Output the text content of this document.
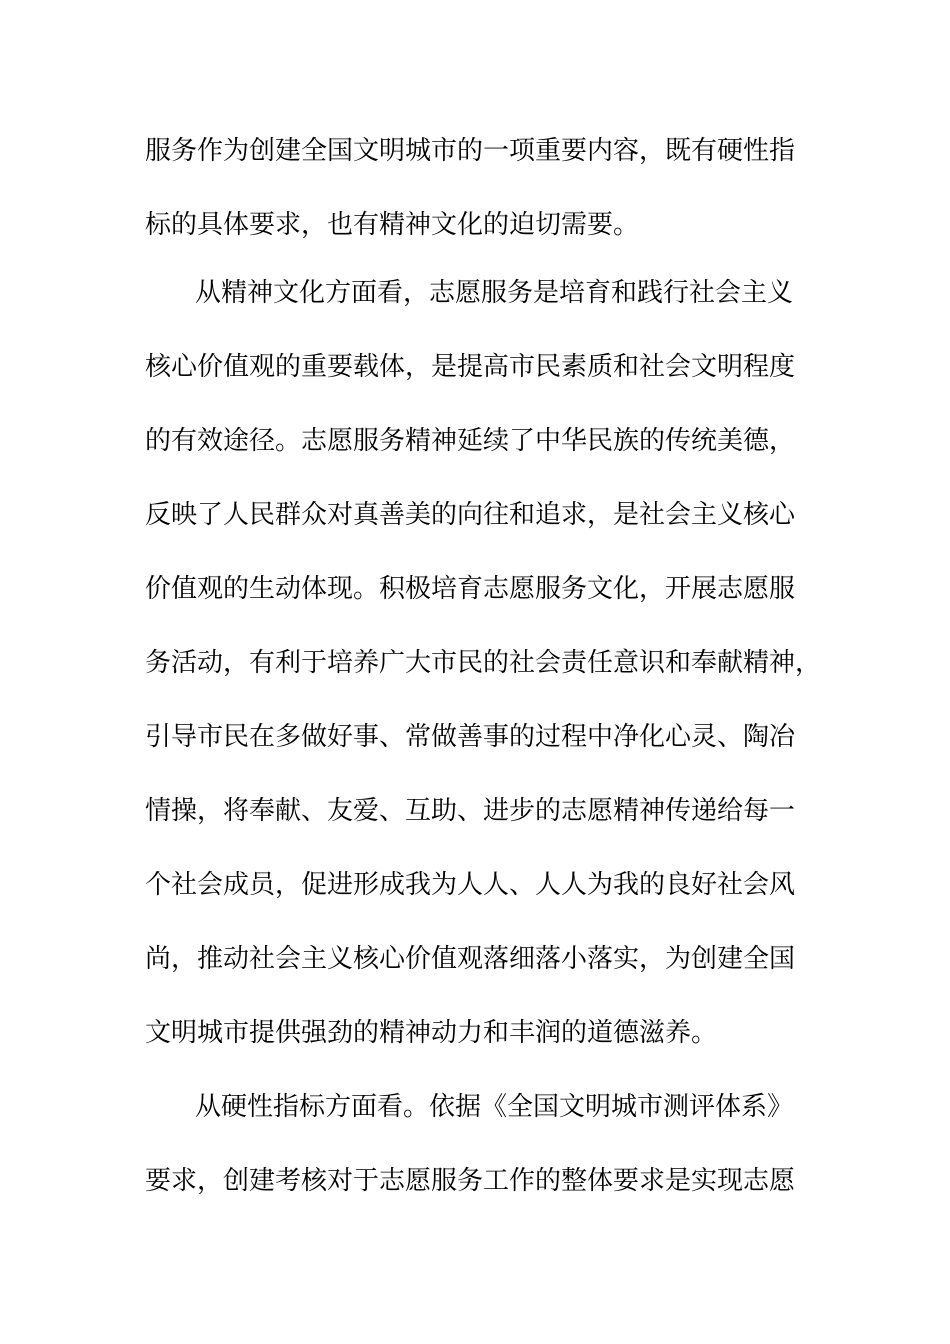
服务作为创建全国文明城市的一项重要内容，既有硬性指
标的具体要求，也有精神文化的迫切需要。
从精神文化方面看，志愿服务是培育和践行社会主义
核心价值观的重要载体，是提高市民素质和社会文明程度
的有效途径。志愿服务精神延续了中华民族的传统美德，
反映了人民群众对真善美的向往和追求，是社会主义核心
价值观的生动体现。积极培育志愿服务文化，开展志愿服
务活动，有利于培养广大市民的社会责任意识和奉献精神，
引导市民在多做好事、常做善事的过程中净化心灵、陶冶
情操，将奉献、友爱、互助、进步的志愿精神传递给每一
个社会成员，促进形成我为人人、人人为我的良好社会风
尚，推动社会主义核心价值观落细落小落实，为创建全国
文明城市提供强劲的精神动力和丰润的道德滋养。
从硬性指标方面看。依据《全国文明城市测评体系》
要求，创建考核对于志愿服务工作的整体要求是实现志愿
